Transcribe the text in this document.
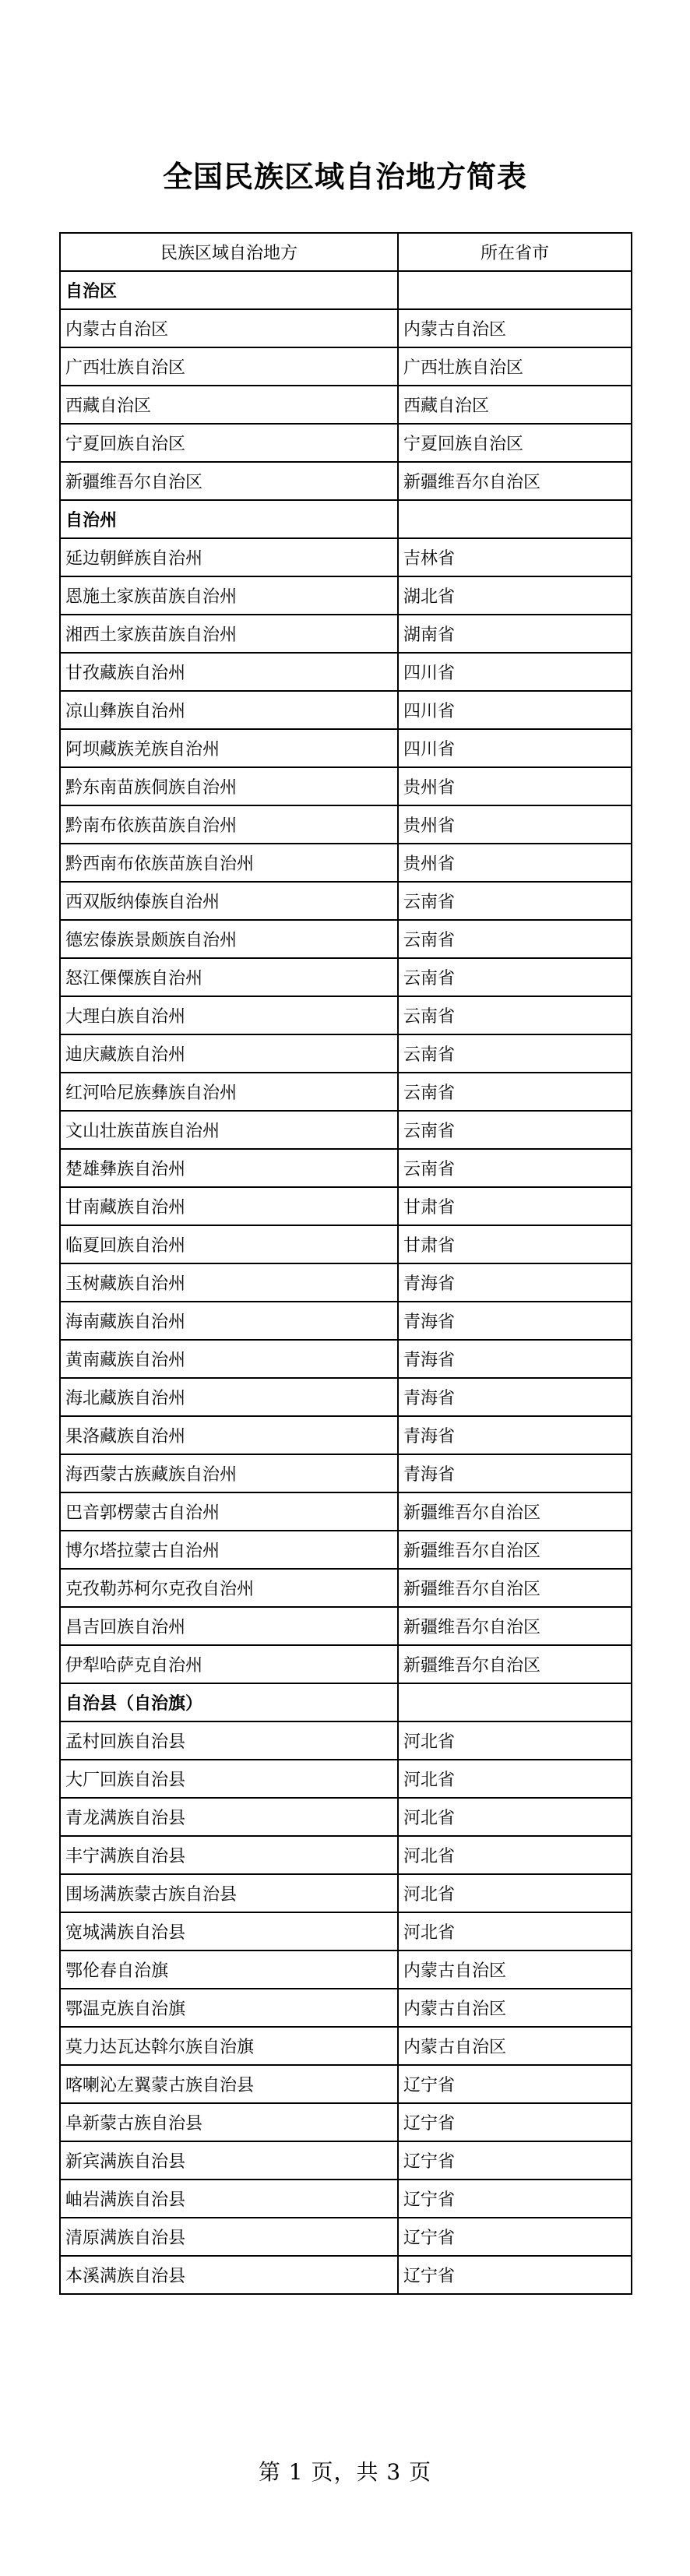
全国民族区域自治地方简表
民族区域自治地方	所在省市
自治区	
内蒙古自治区	内蒙古自治区
广西壮族自治区	广西壮族自治区
西藏自治区	西藏自治区
宁夏回族自治区	宁夏回族自治区
新疆维吾尔自治区	新疆维吾尔自治区
自治州	
延边朝鲜族自治州	吉林省
恩施土家族苗族自治州	湖北省
湘西土家族苗族自治州	湖南省
甘孜藏族自治州	四川省
凉山彝族自治州	四川省
阿坝藏族羌族自治州	四川省
黔东南苗族侗族自治州	贵州省
黔南布依族苗族自治州	贵州省
黔西南布依族苗族自治州	贵州省
西双版纳傣族自治州	云南省
德宏傣族景颇族自治州	云南省
怒江傈僳族自治州	云南省
大理白族自治州	云南省
迪庆藏族自治州	云南省
红河哈尼族彝族自治州	云南省
文山壮族苗族自治州	云南省
楚雄彝族自治州	云南省
甘南藏族自治州	甘肃省
临夏回族自治州	甘肃省
玉树藏族自治州	青海省
海南藏族自治州	青海省
黄南藏族自治州	青海省
海北藏族自治州	青海省
果洛藏族自治州	青海省
海西蒙古族藏族自治州	青海省
巴音郭楞蒙古自治州	新疆维吾尔自治区
博尔塔拉蒙古自治州	新疆维吾尔自治区
克孜勒苏柯尔克孜自治州	新疆维吾尔自治区
昌吉回族自治州	新疆维吾尔自治区
伊犁哈萨克自治州	新疆维吾尔自治区
自治县（自治旗）	
孟村回族自治县	河北省
大厂回族自治县	河北省
青龙满族自治县	河北省
丰宁满族自治县	河北省
围场满族蒙古族自治县	河北省
宽城满族自治县	河北省
鄂伦春自治旗	内蒙古自治区
鄂温克族自治旗	内蒙古自治区
莫力达瓦达斡尔族自治旗	内蒙古自治区
喀喇沁左翼蒙古族自治县	辽宁省
阜新蒙古族自治县	辽宁省
新宾满族自治县	辽宁省
岫岩满族自治县	辽宁省
清原满族自治县	辽宁省
本溪满族自治县	辽宁省
第 1 页，共 3 页
